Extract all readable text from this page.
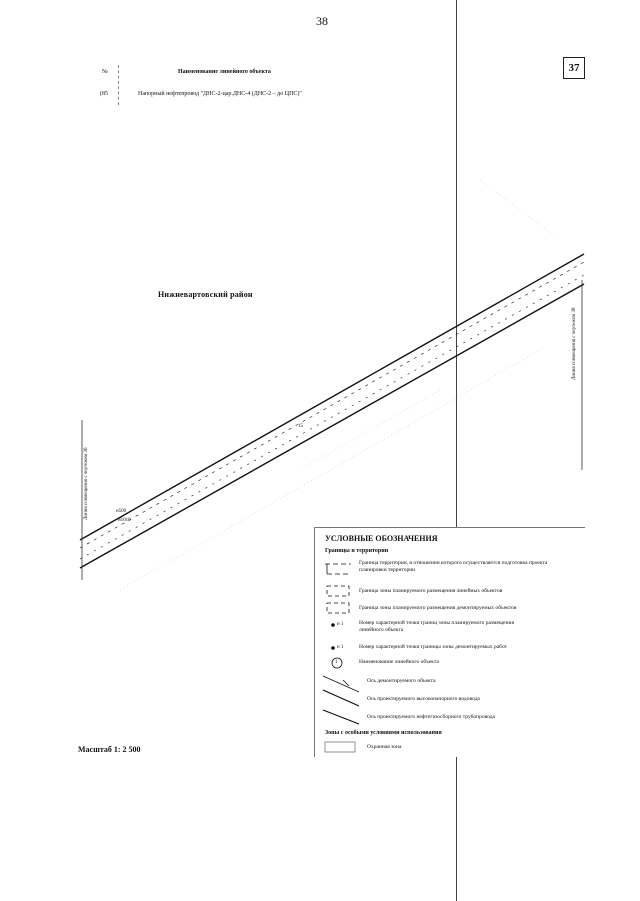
38
№	Наименование линейного объекта
(85	Напорный нефтепровод "ДНС-2-цар.ДНС-4 (ДНС-2 – до ЦПС)"
37
Нижневартовский район
15
н500
н1010
Линия совмещения с чертежом 36
Линия совмещения с чертежом 38
Масштаб 1: 2 500
УСЛОВНЫЕ ОБОЗНАЧЕНИЯ
Границы и территории
н 1
н 1
1
Граница территории, в отношении которого осуществляется подготовка проекта планировки территории
Граница зоны планируемого размещения линейных объектов
Граница зоны планируемого размещения демонтируемых объектов
Номер характерной точки границ зоны планируемого размещения линейного объекта
Номер характерной точки границы зоны демонтируемых работ
Наименование линейного объекта
Ось демонтируемого объекта
Ось проектируемого высоконапорного водовода
Ось проектируемого нефтегазосборного трубопровода
Зоны с особыми условиями использования
Охранная зона
